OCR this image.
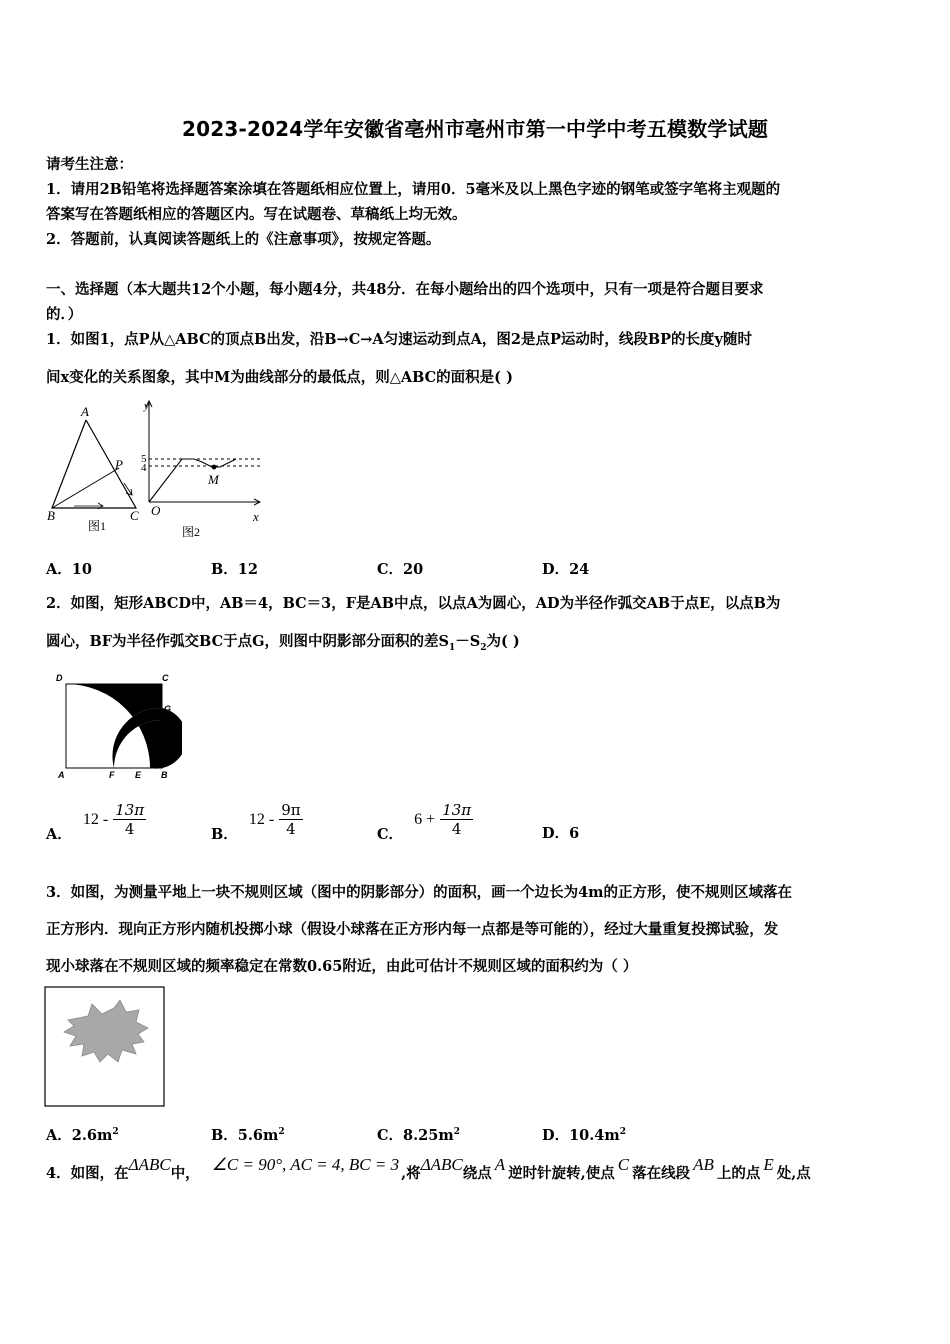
2023-2024学年安徽省亳州市亳州市第一中学中考五模数学试题
请考生注意：
1．请用2B铅笔将选择题答案涂填在答题纸相应位置上，请用0．5毫米及以上黑色字迹的钢笔或签字笔将主观题的
答案写在答题纸相应的答题区内。写在试题卷、草稿纸上均无效。
2．答题前，认真阅读答题纸上的《注意事项》，按规定答题。
一、选择题（本大题共12个小题，每小题4分，共48分．在每小题给出的四个选项中，只有一项是符合题目要求
的．）
1．如图1，点P从△ABC的顶点B出发，沿B→C→A匀速运动到点A，图2是点P运动时，线段BP的长度y随时
间x变化的关系图象，其中M为曲线部分的最低点，则△ABC的面积是( )
A
B	C
P
图1
y
x
O
M
5
4
图2
A．10	B．12	C．20	D．24
2．如图，矩形ABCD中，AB＝4，BC＝3，F是AB中点，以点A为圆心，AD为半径作弧交AB于点E，以点B为
圆心，BF为半径作弧交BC于点G，则图中阴影部分面积的差$S_1-S_2$为( )
D	C
G
A	F E B
A． $12 - \frac{13\pi}{4}$	B． $12 - \frac{9\pi}{4}$	C． $6 + \frac{13\pi}{4}$	D．6
3．如图，为测量平地上一块不规则区域（图中的阴影部分）的面积，画一个边长为4m的正方形，使不规则区域落在
正方形内．现向正方形内随机投掷小球（假设小球落在正方形内每一点都是等可能的），经过大量重复投掷试验，发
现小球落在不规则区域的频率稳定在常数0.65附近，由此可估计不规则区域的面积约为（ ）
A．$2.6m^2$	B．$5.6m^2$	C．$8.25m^2$	D．$10.4m^2$
4．如图，在ΔABC中， ∠C = 90°, AC = 4, BC = 3 ,将ΔABC绕点 A 逆时针旋转,使点 C 落在线段 AB 上的点 E 处,点
